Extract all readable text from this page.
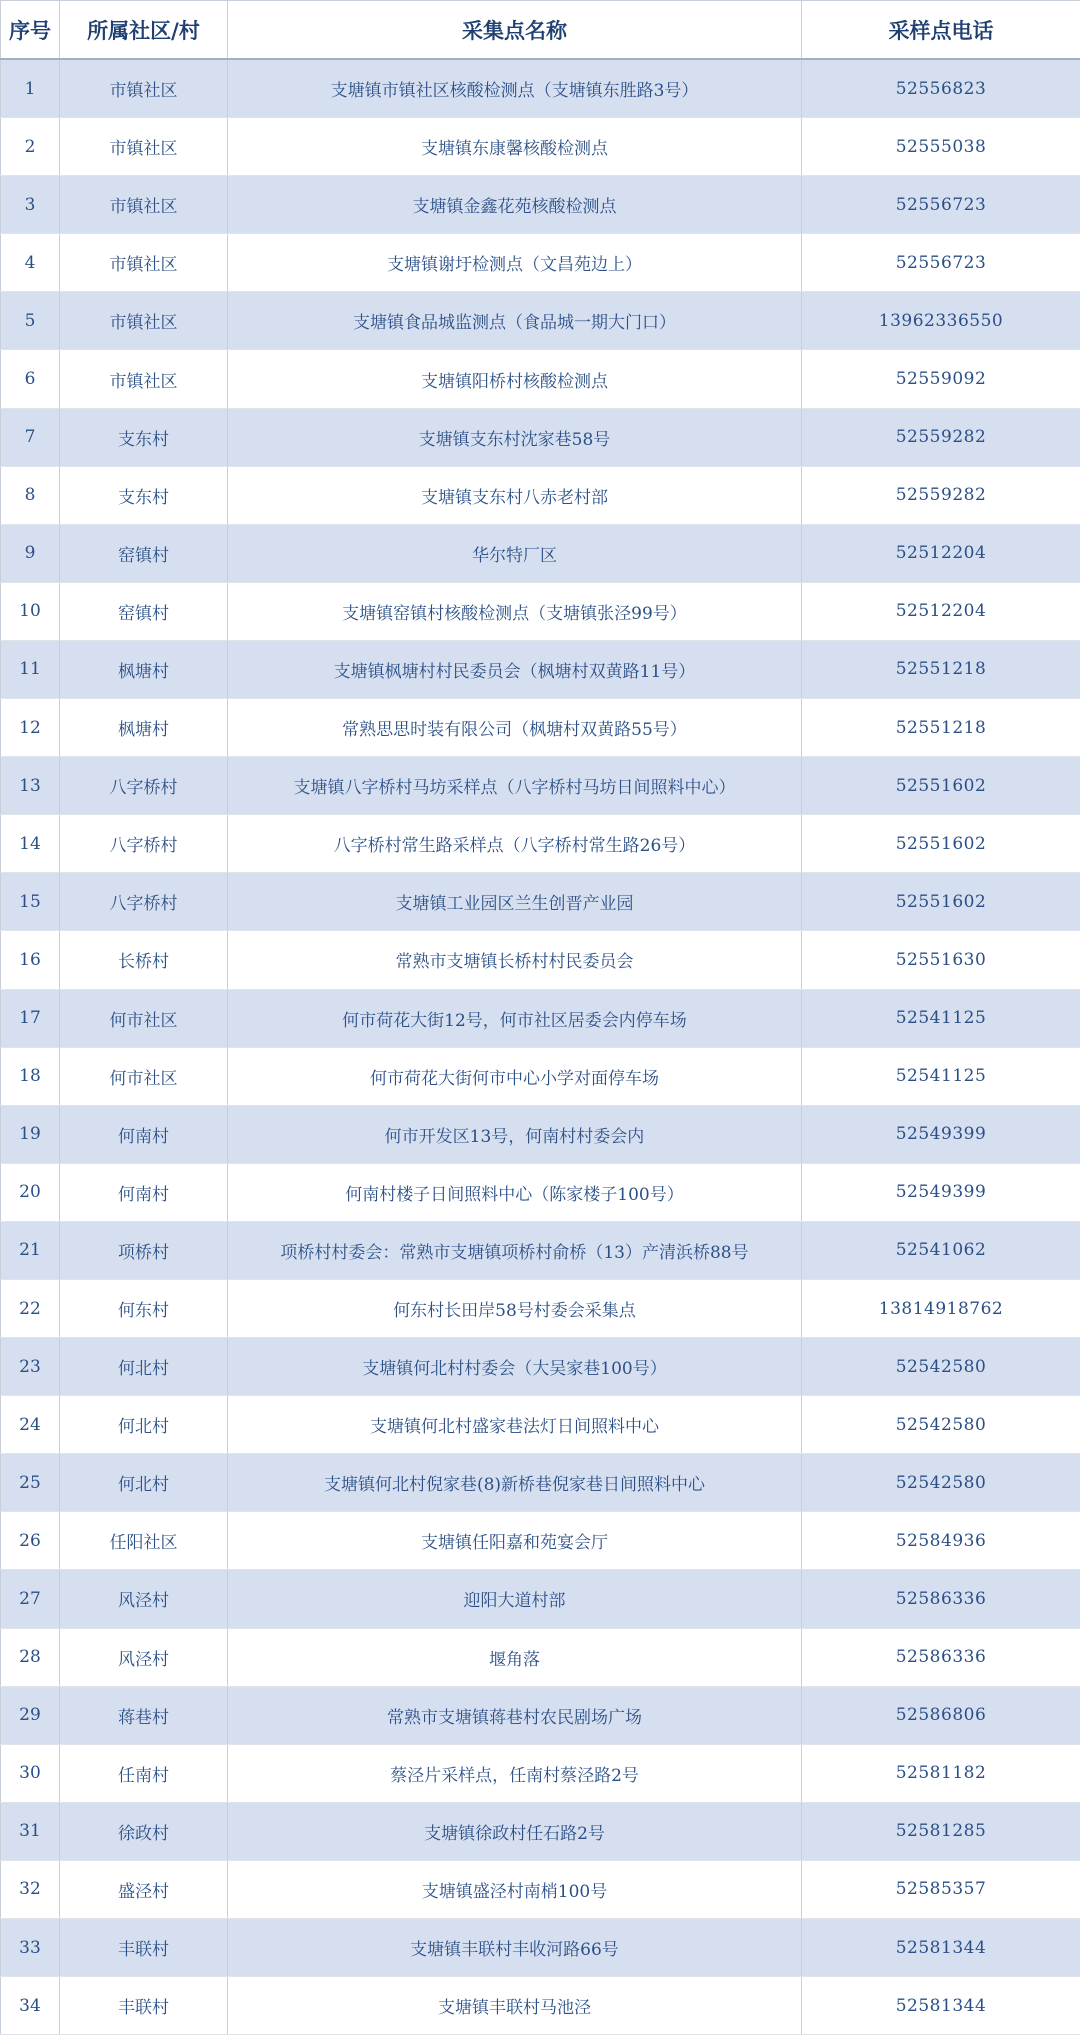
序号	所属社区/村	采集点名称	采样点电话
1	市镇社区	支塘镇市镇社区核酸检测点（支塘镇东胜路3号）	52556823
2	市镇社区	支塘镇东康馨核酸检测点	52555038
3	市镇社区	支塘镇金鑫花苑核酸检测点	52556723
4	市镇社区	支塘镇谢圩检测点（文昌苑边上）	52556723
5	市镇社区	支塘镇食品城监测点（食品城一期大门口）	13962336550
6	市镇社区	支塘镇阳桥村核酸检测点	52559092
7	支东村	支塘镇支东村沈家巷58号	52559282
8	支东村	支塘镇支东村八赤老村部	52559282
9	窑镇村	华尔特厂区	52512204
10	窑镇村	支塘镇窑镇村核酸检测点（支塘镇张泾99号）	52512204
11	枫塘村	支塘镇枫塘村村民委员会（枫塘村双黄路11号）	52551218
12	枫塘村	常熟思思时装有限公司（枫塘村双黄路55号）	52551218
13	八字桥村	支塘镇八字桥村马坊采样点（八字桥村马坊日间照料中心）	52551602
14	八字桥村	八字桥村常生路采样点（八字桥村常生路26号）	52551602
15	八字桥村	支塘镇工业园区兰生创晋产业园	52551602
16	长桥村	常熟市支塘镇长桥村村民委员会	52551630
17	何市社区	何市荷花大街12号，何市社区居委会内停车场	52541125
18	何市社区	何市荷花大街何市中心小学对面停车场	52541125
19	何南村	何市开发区13号，何南村村委会内	52549399
20	何南村	何南村楼子日间照料中心（陈家楼子100号）	52549399
21	项桥村	项桥村村委会：常熟市支塘镇项桥村俞桥（13）产清浜桥88号	52541062
22	何东村	何东村长田岸58号村委会采集点	13814918762
23	何北村	支塘镇何北村村委会（大吴家巷100号）	52542580
24	何北村	支塘镇何北村盛家巷法灯日间照料中心	52542580
25	何北村	支塘镇何北村倪家巷(8)新桥巷倪家巷日间照料中心	52542580
26	任阳社区	支塘镇任阳嘉和苑宴会厅	52584936
27	风泾村	迎阳大道村部	52586336
28	风泾村	堰角落	52586336
29	蒋巷村	常熟市支塘镇蒋巷村农民剧场广场	52586806
30	任南村	蔡泾片采样点，任南村蔡泾路2号	52581182
31	徐政村	支塘镇徐政村任石路2号	52581285
32	盛泾村	支塘镇盛泾村南梢100号	52585357
33	丰联村	支塘镇丰联村丰收河路66号	52581344
34	丰联村	支塘镇丰联村马池泾	52581344
